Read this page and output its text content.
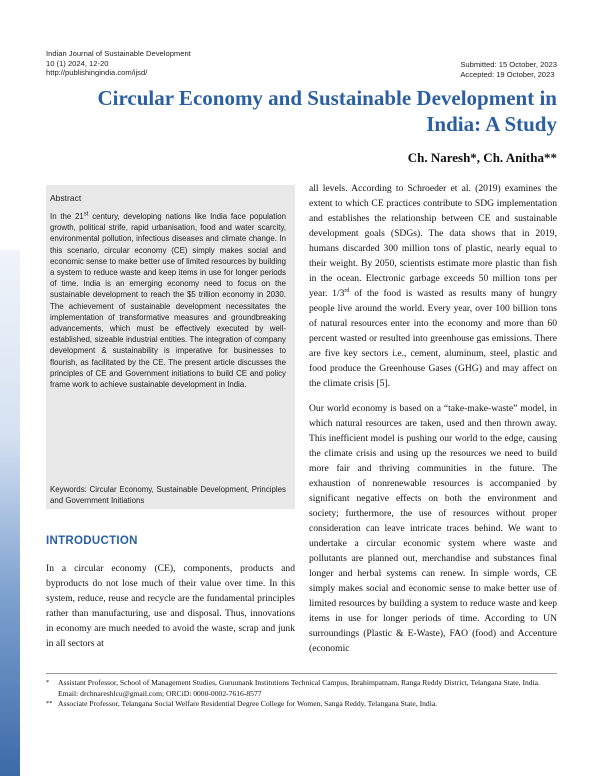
Indian Journal of Sustainable Development
10 (1) 2024, 12-20
http://publishingindia.com/ijsd/
Submitted: 15 October, 2023
Accepted: 19 October, 2023
Circular Economy and Sustainable Development in India: A Study
Ch. Naresh*, Ch. Anitha**
Abstract
In the 21st century, developing nations like India face population growth, political strife, rapid urbanisation, food and water scarcity, environmental pollution, infectious diseases and climate change. In this scenario, circular economy (CE) simply makes social and economic sense to make better use of limited resources by building a system to reduce waste and keep items in use for longer periods of time. India is an emerging economy need to focus on the sustainable development to reach the $5 trillion economy in 2030. The achievement of sustainable development necessitates the implementation of transformative measures and groundbreaking advancements, which must be effectively executed by well-established, sizeable industrial entities. The integration of company development & sustainability is imperative for businesses to flourish, as facilitated by the CE. The present article discusses the principles of CE and Government initiations to build CE and policy frame work to achieve sustainable development in India.
Keywords: Circular Economy, Sustainable Development, Principles and Government Initiations
INTRODUCTION
In a circular economy (CE), components, products and byproducts do not lose much of their value over time. In this system, reduce, reuse and recycle are the fundamental principles rather than manufacturing, use and disposal. Thus, innovations in economy are much needed to avoid the waste, scrap and junk in all sectors at

all levels. According to Schroeder et al. (2019) examines the extent to which CE practices contribute to SDG implementation and establishes the relationship between CE and sustainable development goals (SDGs). The data shows that in 2019, humans discarded 300 million tons of plastic, nearly equal to their weight. By 2050, scientists estimate more plastic than fish in the ocean. Electronic garbage exceeds 50 million tons per year. 1/3rd of the food is wasted as results many of hungry people live around the world. Every year, over 100 billion tons of natural resources enter into the economy and more than 60 percent wasted or resulted into greenhouse gas emissions. There are five key sectors i.e., cement, aluminum, steel, plastic and food produce the Greenhouse Gases (GHG) and may affect on the climate crisis [5].

Our world economy is based on a “take-make-waste” model, in which natural resources are taken, used and then thrown away. This inefficient model is pushing our world to the edge, causing the climate crisis and using up the resources we need to build more fair and thriving communities in the future. The exhaustion of nonrenewable resources is accompanied by significant negative effects on both the environment and society; furthermore, the use of resources without proper consideration can leave intricate traces behind. We want to undertake a circular economic system where waste and pollutants are planned out, merchandise and substances final longer and herbal systems can renew. In simple words, CE simply makes social and economic sense to make better use of limited resources by building a system to reduce waste and keep items in use for longer periods of time. According to UN surroundings (Plastic & E-Waste), FAO (food) and Accenture (economic

*	Assistant Professor, School of Management Studies, Guruunank Institutions Technical Campus, Ibrahimpatnam, Ranga Reddy District, Telangana State, India. Email: drchnareshlcu@gmail.com; ORCiD: 0000-0002-7616-8577
** Associate Professor, Telangana Social Welfare Residential Degree College for Women, Sanga Reddy, Telangana State, India.
